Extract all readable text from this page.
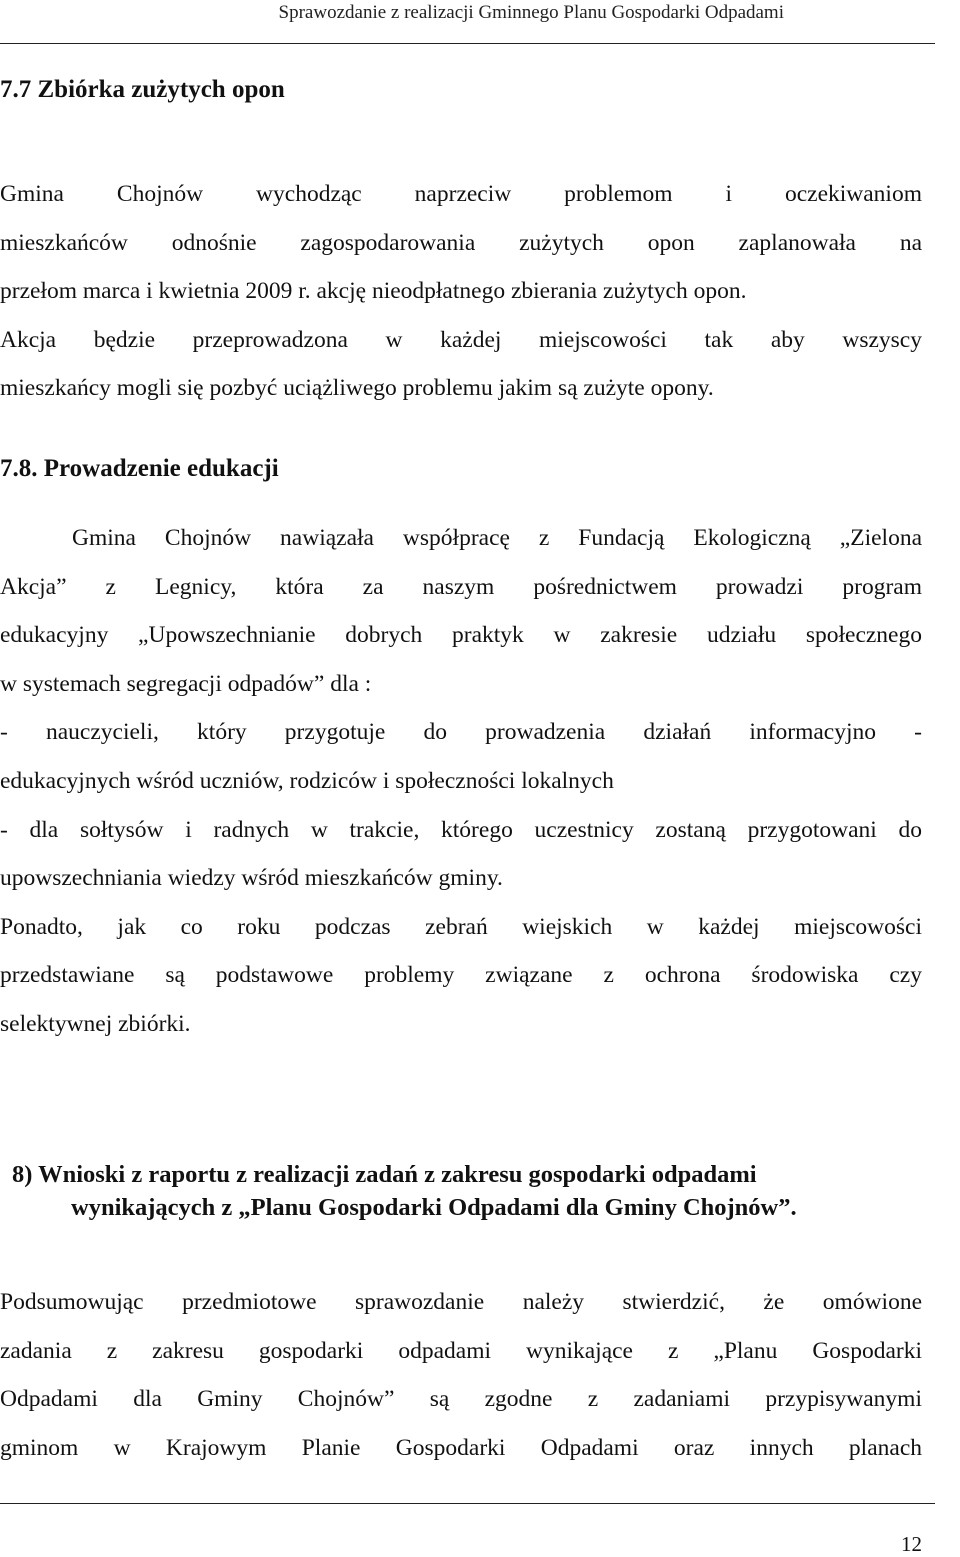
Sprawozdanie z realizacji Gminnego Planu Gospodarki Odpadami
7.7 Zbiórka zużytych opon
Gmina Chojnów wychodząc naprzeciw problemom i oczekiwaniom
mieszkańców odnośnie zagospodarowania zużytych opon zaplanowała na
przełom marca i kwietnia 2009 r. akcję nieodpłatnego zbierania zużytych opon.
Akcja będzie przeprowadzona w każdej miejscowości tak aby wszyscy
mieszkańcy mogli się pozbyć uciążliwego problemu jakim są zużyte opony.
7.8. Prowadzenie edukacji
Gmina Chojnów nawiązała współpracę z Fundacją Ekologiczną „Zielona
Akcja” z Legnicy, która za naszym pośrednictwem prowadzi program
edukacyjny „Upowszechnianie dobrych praktyk w zakresie udziału społecznego
w systemach segregacji odpadów” dla :
- nauczycieli, który przygotuje do prowadzenia działań informacyjno -
edukacyjnych wśród uczniów, rodziców i społeczności lokalnych
- dla sołtysów i radnych w trakcie, którego uczestnicy zostaną przygotowani do
upowszechniania wiedzy wśród mieszkańców gminy.
Ponadto, jak co roku podczas zebrań wiejskich w każdej miejscowości
przedstawiane są podstawowe problemy związane z ochrona środowiska czy
selektywnej zbiórki.
8) Wnioski z raportu z realizacji zadań z zakresu gospodarki odpadami
wynikających z „Planu Gospodarki Odpadami dla Gminy Chojnów”.
Podsumowując przedmiotowe sprawozdanie należy stwierdzić, że omówione
zadania z zakresu gospodarki odpadami wynikające z „Planu Gospodarki
Odpadami dla Gminy Chojnów” są zgodne z zadaniami przypisywanymi
gminom w Krajowym Planie Gospodarki Odpadami oraz innych planach
12
